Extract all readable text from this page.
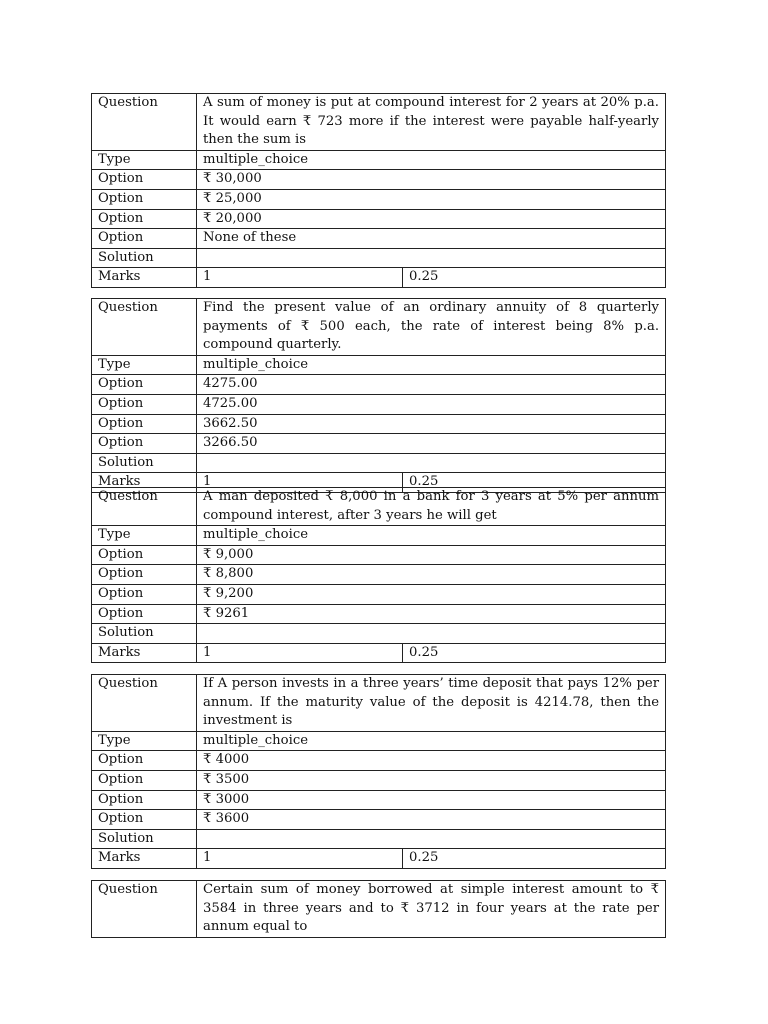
Question	A sum of money is put at compound interest for 2 years at 20% p.a. It would earn ₹ 723 more if the interest were payable half-yearly then the sum is	
Type	multiple_choice	
Option	₹ 30,000	
Option	₹ 25,000	
Option	₹ 20,000	
Option	None of these	
Solution		
Marks	1	0.25
Question	Find the present value of an ordinary annuity of 8 quarterly payments of ₹ 500 each, the rate of interest being 8% p.a. compound quarterly.	
Type	multiple_choice	
Option	4275.00	
Option	4725.00	
Option	3662.50	
Option	3266.50	
Solution		
Marks	1	0.25
Question	A man deposited ₹ 8,000 in a bank for 3 years at 5% per annum compound interest, after 3 years he will get	
Type	multiple_choice	
Option	₹ 9,000	
Option	₹ 8,800	
Option	₹ 9,200	
Option	₹ 9261	
Solution		
Marks	1	0.25
Question	If A person invests in a three years’ time deposit that pays 12% per annum. If the maturity value of the deposit is 4214.78, then the investment is	
Type	multiple_choice	
Option	₹ 4000	
Option	₹ 3500	
Option	₹ 3000	
Option	₹ 3600	
Solution		
Marks	1	0.25
Question	Certain sum of money borrowed at simple interest amount to ₹ 3584 in three years and to ₹ 3712 in four years at the rate per annum equal to
